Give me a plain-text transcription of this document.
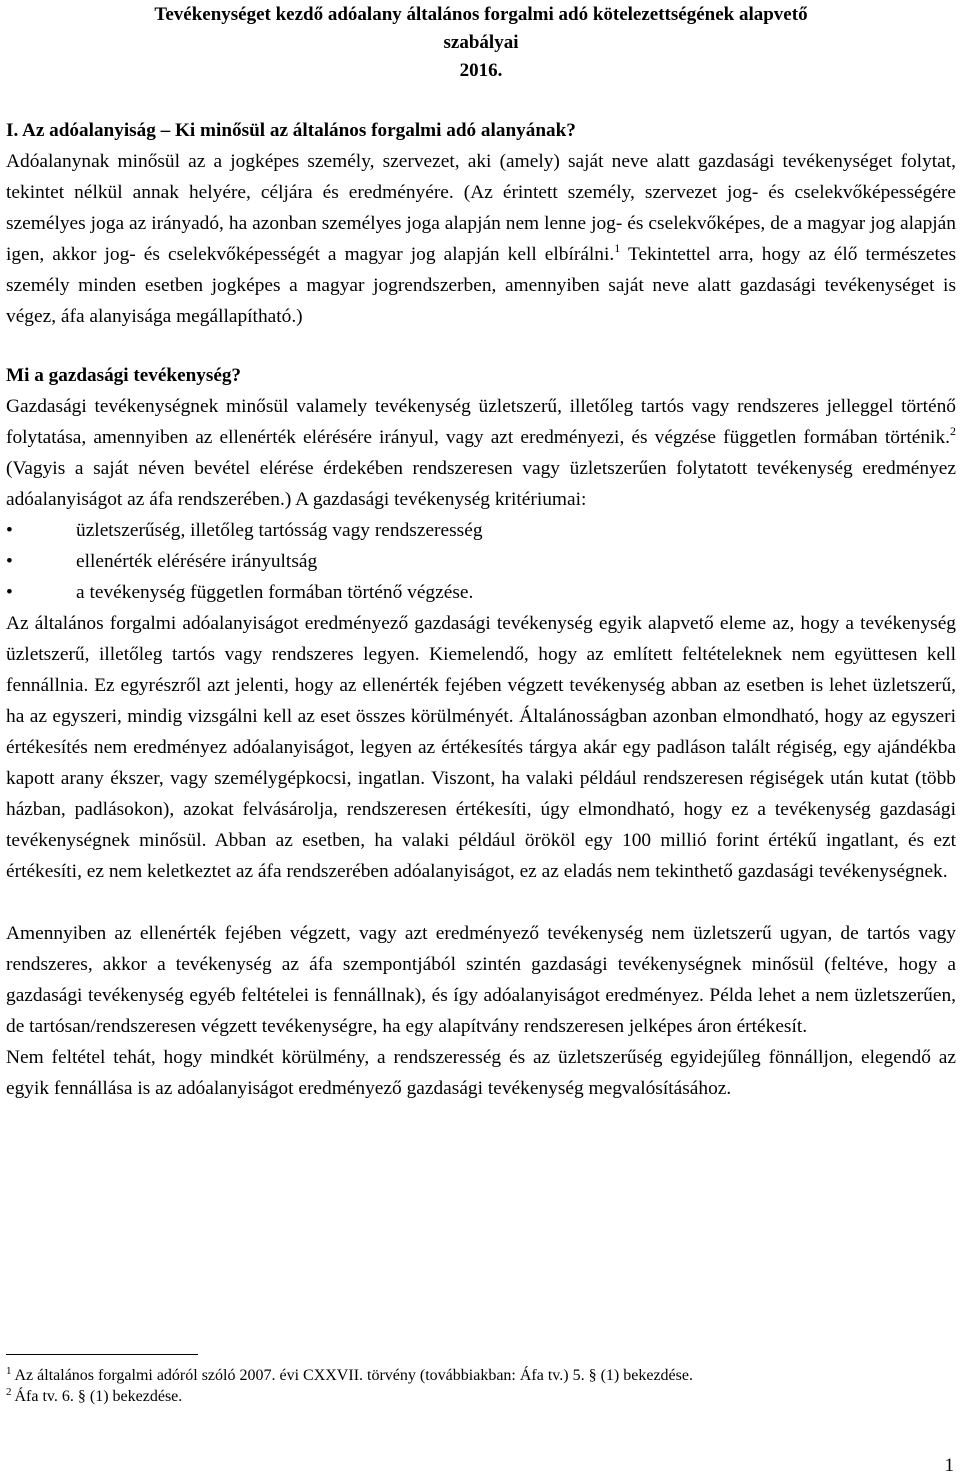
Tevékenységet kezdő adóalany általános forgalmi adó kötelezettségének alapvető
szabályai
2016.
I. Az adóalanyiság – Ki minősül az általános forgalmi adó alanyának?

Adóalanynak minősül az a jogképes személy, szervezet, aki (amely) saját neve alatt gazdasági tevékenységet folytat, tekintet nélkül annak helyére, céljára és eredményére. (Az érintett személy, szervezet jog- és cselekvőképességére személyes joga az irányadó, ha azonban személyes joga alapján nem lenne jog- és cselekvőképes, de a magyar jog alapján igen, akkor jog- és cselekvőképességét a magyar jog alapján kell elbírálni.$^1$ Tekintettel arra, hogy az élő természetes személy minden esetben jogképes a magyar jogrendszerben, amennyiben saját neve alatt gazdasági tevékenységet is végez, áfa alanyisága megállapítható.)

Mi a gazdasági tevékenység?

Gazdasági tevékenységnek minősül valamely tevékenység üzletszerű, illetőleg tartós vagy rendszeres jelleggel történő folytatása, amennyiben az ellenérték elérésére irányul, vagy azt eredményezi, és végzése független formában történik.$^2$ (Vagyis a saját néven bevétel elérése érdekében rendszeresen vagy üzletszerűen folytatott tevékenység eredményez adóalanyiságot az áfa rendszerében.) A gazdasági tevékenység kritériumai:

•	üzletszerűség, illetőleg tartósság vagy rendszeresség
•	ellenérték elérésére irányultság
•	a tevékenység független formában történő végzése.

Az általános forgalmi adóalanyiságot eredményező gazdasági tevékenység egyik alapvető eleme az, hogy a tevékenység üzletszerű, illetőleg tartós vagy rendszeres legyen. Kiemelendő, hogy az említett feltételeknek nem együttesen kell fennállnia. Ez egyrészről azt jelenti, hogy az ellenérték fejében végzett tevékenység abban az esetben is lehet üzletszerű, ha az egyszeri, mindig vizsgálni kell az eset összes körülményét. Általánosságban azonban elmondható, hogy az egyszeri értékesítés nem eredményez adóalanyiságot, legyen az értékesítés tárgya akár egy padláson talált régiség, egy ajándékba kapott arany ékszer, vagy személygépkocsi, ingatlan. Viszont, ha valaki például rendszeresen régiségek után kutat (több házban, padlásokon), azokat felvásárolja, rendszeresen értékesíti, úgy elmondható, hogy ez a tevékenység gazdasági tevékenységnek minősül. Abban az esetben, ha valaki például örököl egy 100 millió forint értékű ingatlant, és ezt értékesíti, ez nem keletkeztet az áfa rendszerében adóalanyiságot, ez az eladás nem tekinthető gazdasági tevékenységnek.

Amennyiben az ellenérték fejében végzett, vagy azt eredményező tevékenység nem üzletszerű ugyan, de tartós vagy rendszeres, akkor a tevékenység az áfa szempontjából szintén gazdasági tevékenységnek minősül (feltéve, hogy a gazdasági tevékenység egyéb feltételei is fennállnak), és így adóalanyiságot eredményez. Példa lehet a nem üzletszerűen, de tartósan/rendszeresen végzett tevékenységre, ha egy alapítvány rendszeresen jelképes áron értékesít.

Nem feltétel tehát, hogy mindkét körülmény, a rendszeresség és az üzletszerűség egyidejűleg fönnálljon, elegendő az egyik fennállása is az adóalanyiságot eredményező gazdasági tevékenység megvalósításához.

$^1$ Az általános forgalmi adóról szóló 2007. évi CXXVII. törvény (továbbiakban: Áfa tv.) 5. § (1) bekezdése.
$^2$ Áfa tv. 6. § (1) bekezdése.
1
